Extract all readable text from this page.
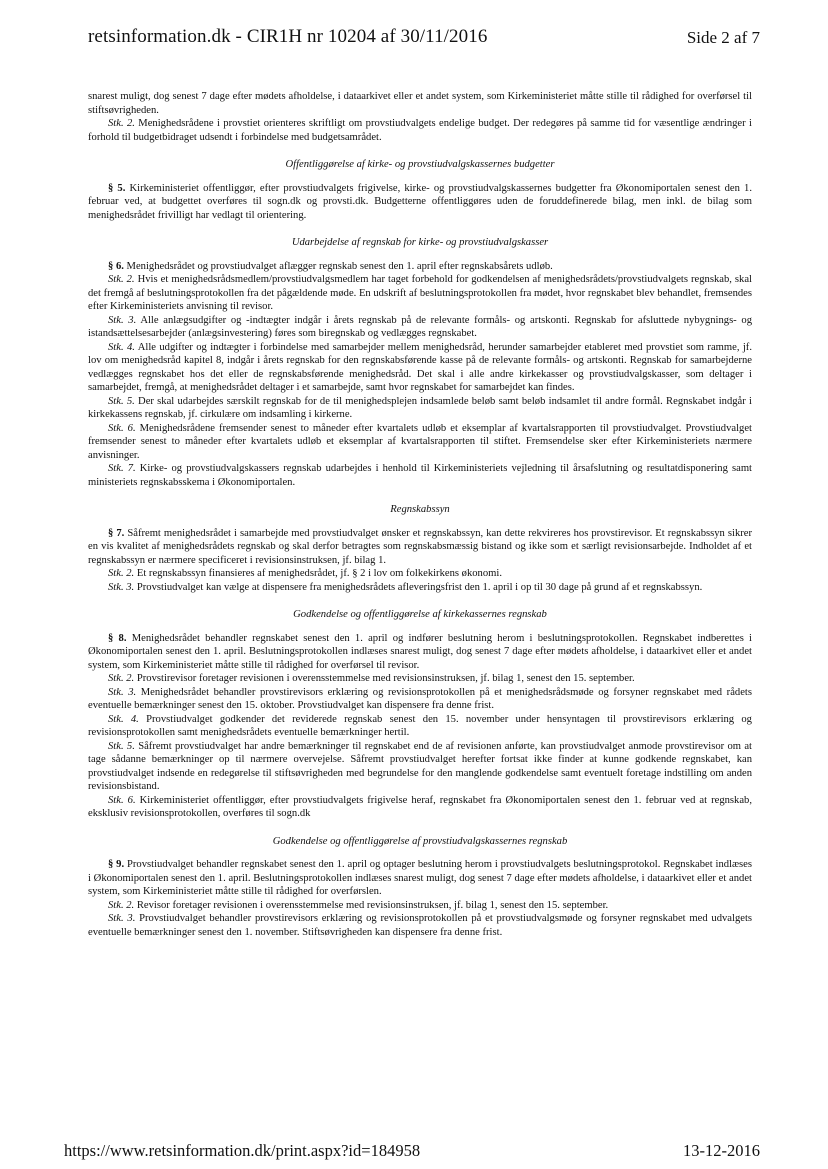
retsinformation.dk - CIR1H nr 10204 af 30/11/2016	Side 2 af 7

snarest muligt, dog senest 7 dage efter mødets afholdelse, i dataarkivet eller et andet system, som Kirkeministeriet måtte stille til rådighed for overførsel til stiftsøvrigheden.

Stk. 2. Menighedsrådene i provstiet orienteres skriftligt om provstiudvalgets endelige budget. Der redegøres på samme tid for væsentlige ændringer i forhold til budgetbidraget udsendt i forbindelse med budgetsamrådet.

Offentliggørelse af kirke- og provstiudvalgskassernes budgetter

§ 5. Kirkeministeriet offentliggør, efter provstiudvalgets frigivelse, kirke- og provstiudvalgskassernes budgetter fra Økonomiportalen senest den 1. februar ved, at budgettet overføres til sogn.dk og provsti.dk. Budgetterne offentliggøres uden de foruddefinerede bilag, men inkl. de bilag som menighedsrådet frivilligt har vedlagt til orientering.

Udarbejdelse af regnskab for kirke- og provstiudvalgskasser

§ 6. Menighedsrådet og provstiudvalget aflægger regnskab senest den 1. april efter regnskabsårets udløb.

Stk. 2. Hvis et menighedsrådsmedlem/provstiudvalgsmedlem har taget forbehold for godkendelsen af menighedsrådets/provstiudvalgets regnskab, skal det fremgå af beslutningsprotokollen fra det pågældende møde. En udskrift af beslutningsprotokollen fra mødet, hvor regnskabet blev behandlet, fremsendes efter Kirkeministeriets anvisning til revisor.

Stk. 3. Alle anlægsudgifter og -indtægter indgår i årets regnskab på de relevante formåls- og artskonti. Regnskab for afsluttede nybygnings- og istandsættelsesarbejder (anlægsinvestering) føres som biregnskab og vedlægges regnskabet.

Stk. 4. Alle udgifter og indtægter i forbindelse med samarbejder mellem menighedsråd, herunder samarbejder etableret med provstiet som ramme, jf. lov om menighedsråd kapitel 8, indgår i årets regnskab for den regnskabsførende kasse på de relevante formåls- og artskonti. Regnskab for samarbejderne vedlægges regnskabet hos det eller de regnskabsførende menighedsråd. Det skal i alle andre kirkekasser og provstiudvalgskasser, som deltager i samarbejdet, fremgå, at menighedsrådet deltager i et samarbejde, samt hvor regnskabet for samarbejdet kan findes.

Stk. 5. Der skal udarbejdes særskilt regnskab for de til menighedsplejen indsamlede beløb samt beløb indsamlet til andre formål. Regnskabet indgår i kirkekassens regnskab, jf. cirkulære om indsamling i kirkerne.

Stk. 6. Menighedsrådene fremsender senest to måneder efter kvartalets udløb et eksemplar af kvartalsrapporten til provstiudvalget. Provstiudvalget fremsender senest to måneder efter kvartalets udløb et eksemplar af kvartalsrapporten til stiftet. Fremsendelse sker efter Kirkeministeriets nærmere anvisninger.

Stk. 7. Kirke- og provstiudvalgskassers regnskab udarbejdes i henhold til Kirkeministeriets vejledning til årsafslutning og resultatdisponering samt ministeriets regnskabsskema i Økonomiportalen.

Regnskabssyn

§ 7. Såfremt menighedsrådet i samarbejde med provstiudvalget ønsker et regnskabssyn, kan dette rekvireres hos provstirevisor. Et regnskabssyn sikrer en vis kvalitet af menighedsrådets regnskab og skal derfor betragtes som regnskabsmæssig bistand og ikke som et særligt revisionsarbejde. Indholdet af et regnskabssyn er nærmere specificeret i revisionsinstruksen, jf. bilag 1.

Stk. 2. Et regnskabssyn finansieres af menighedsrådet, jf. § 2 i lov om folkekirkens økonomi.

Stk. 3. Provstiudvalget kan vælge at dispensere fra menighedsrådets afleveringsfrist den 1. april i op til 30 dage på grund af et regnskabssyn.

Godkendelse og offentliggørelse af kirkekassernes regnskab

§ 8. Menighedsrådet behandler regnskabet senest den 1. april og indfører beslutning herom i beslutningsprotokollen. Regnskabet indberettes i Økonomiportalen senest den 1. april. Beslutningsprotokollen indlæses snarest muligt, dog senest 7 dage efter mødets afholdelse, i dataarkivet eller et andet system, som Kirkeministeriet måtte stille til rådighed for overførsel til revisor.

Stk. 2. Provstirevisor foretager revisionen i overensstemmelse med revisionsinstruksen, jf. bilag 1, senest den 15. september.

Stk. 3. Menighedsrådet behandler provstirevisors erklæring og revisionsprotokollen på et menighedsrådsmøde og forsyner regnskabet med rådets eventuelle bemærkninger senest den 15. oktober. Provstiudvalget kan dispensere fra denne frist.

Stk. 4. Provstiudvalget godkender det reviderede regnskab senest den 15. november under hensyntagen til provstirevisors erklæring og revisionsprotokollen samt menighedsrådets eventuelle bemærkninger hertil.

Stk. 5. Såfremt provstiudvalget har andre bemærkninger til regnskabet end de af revisionen anførte, kan provstiudvalget anmode provstirevisor om at tage sådanne bemærkninger op til nærmere overvejelse. Såfremt provstiudvalget herefter fortsat ikke finder at kunne godkende regnskabet, kan provstiudvalget indsende en redegørelse til stiftsøvrigheden med begrundelse for den manglende godkendelse samt eventuelt foretage indstilling om anden revisionsbistand.

Stk. 6. Kirkeministeriet offentliggør, efter provstiudvalgets frigivelse heraf, regnskabet fra Økonomiportalen senest den 1. februar ved at regnskab, eksklusiv revisionsprotokollen, overføres til sogn.dk

Godkendelse og offentliggørelse af provstiudvalgskassernes regnskab

§ 9. Provstiudvalget behandler regnskabet senest den 1. april og optager beslutning herom i provstiudvalgets beslutningsprotokol. Regnskabet indlæses i Økonomiportalen senest den 1. april. Beslutningsprotokollen indlæses snarest muligt, dog senest 7 dage efter mødets afholdelse, i dataarkivet eller et andet system, som Kirkeministeriet måtte stille til rådighed for overførslen.

Stk. 2. Revisor foretager revisionen i overensstemmelse med revisionsinstruksen, jf. bilag 1, senest den 15. september.

Stk. 3. Provstiudvalget behandler provstirevisors erklæring og revisionsprotokollen på et provstiudvalgsmøde og forsyner regnskabet med udvalgets eventuelle bemærkninger senest den 1. november. Stiftsøvrigheden kan dispensere fra denne frist.

https://www.retsinformation.dk/print.aspx?id=184958	13-12-2016
